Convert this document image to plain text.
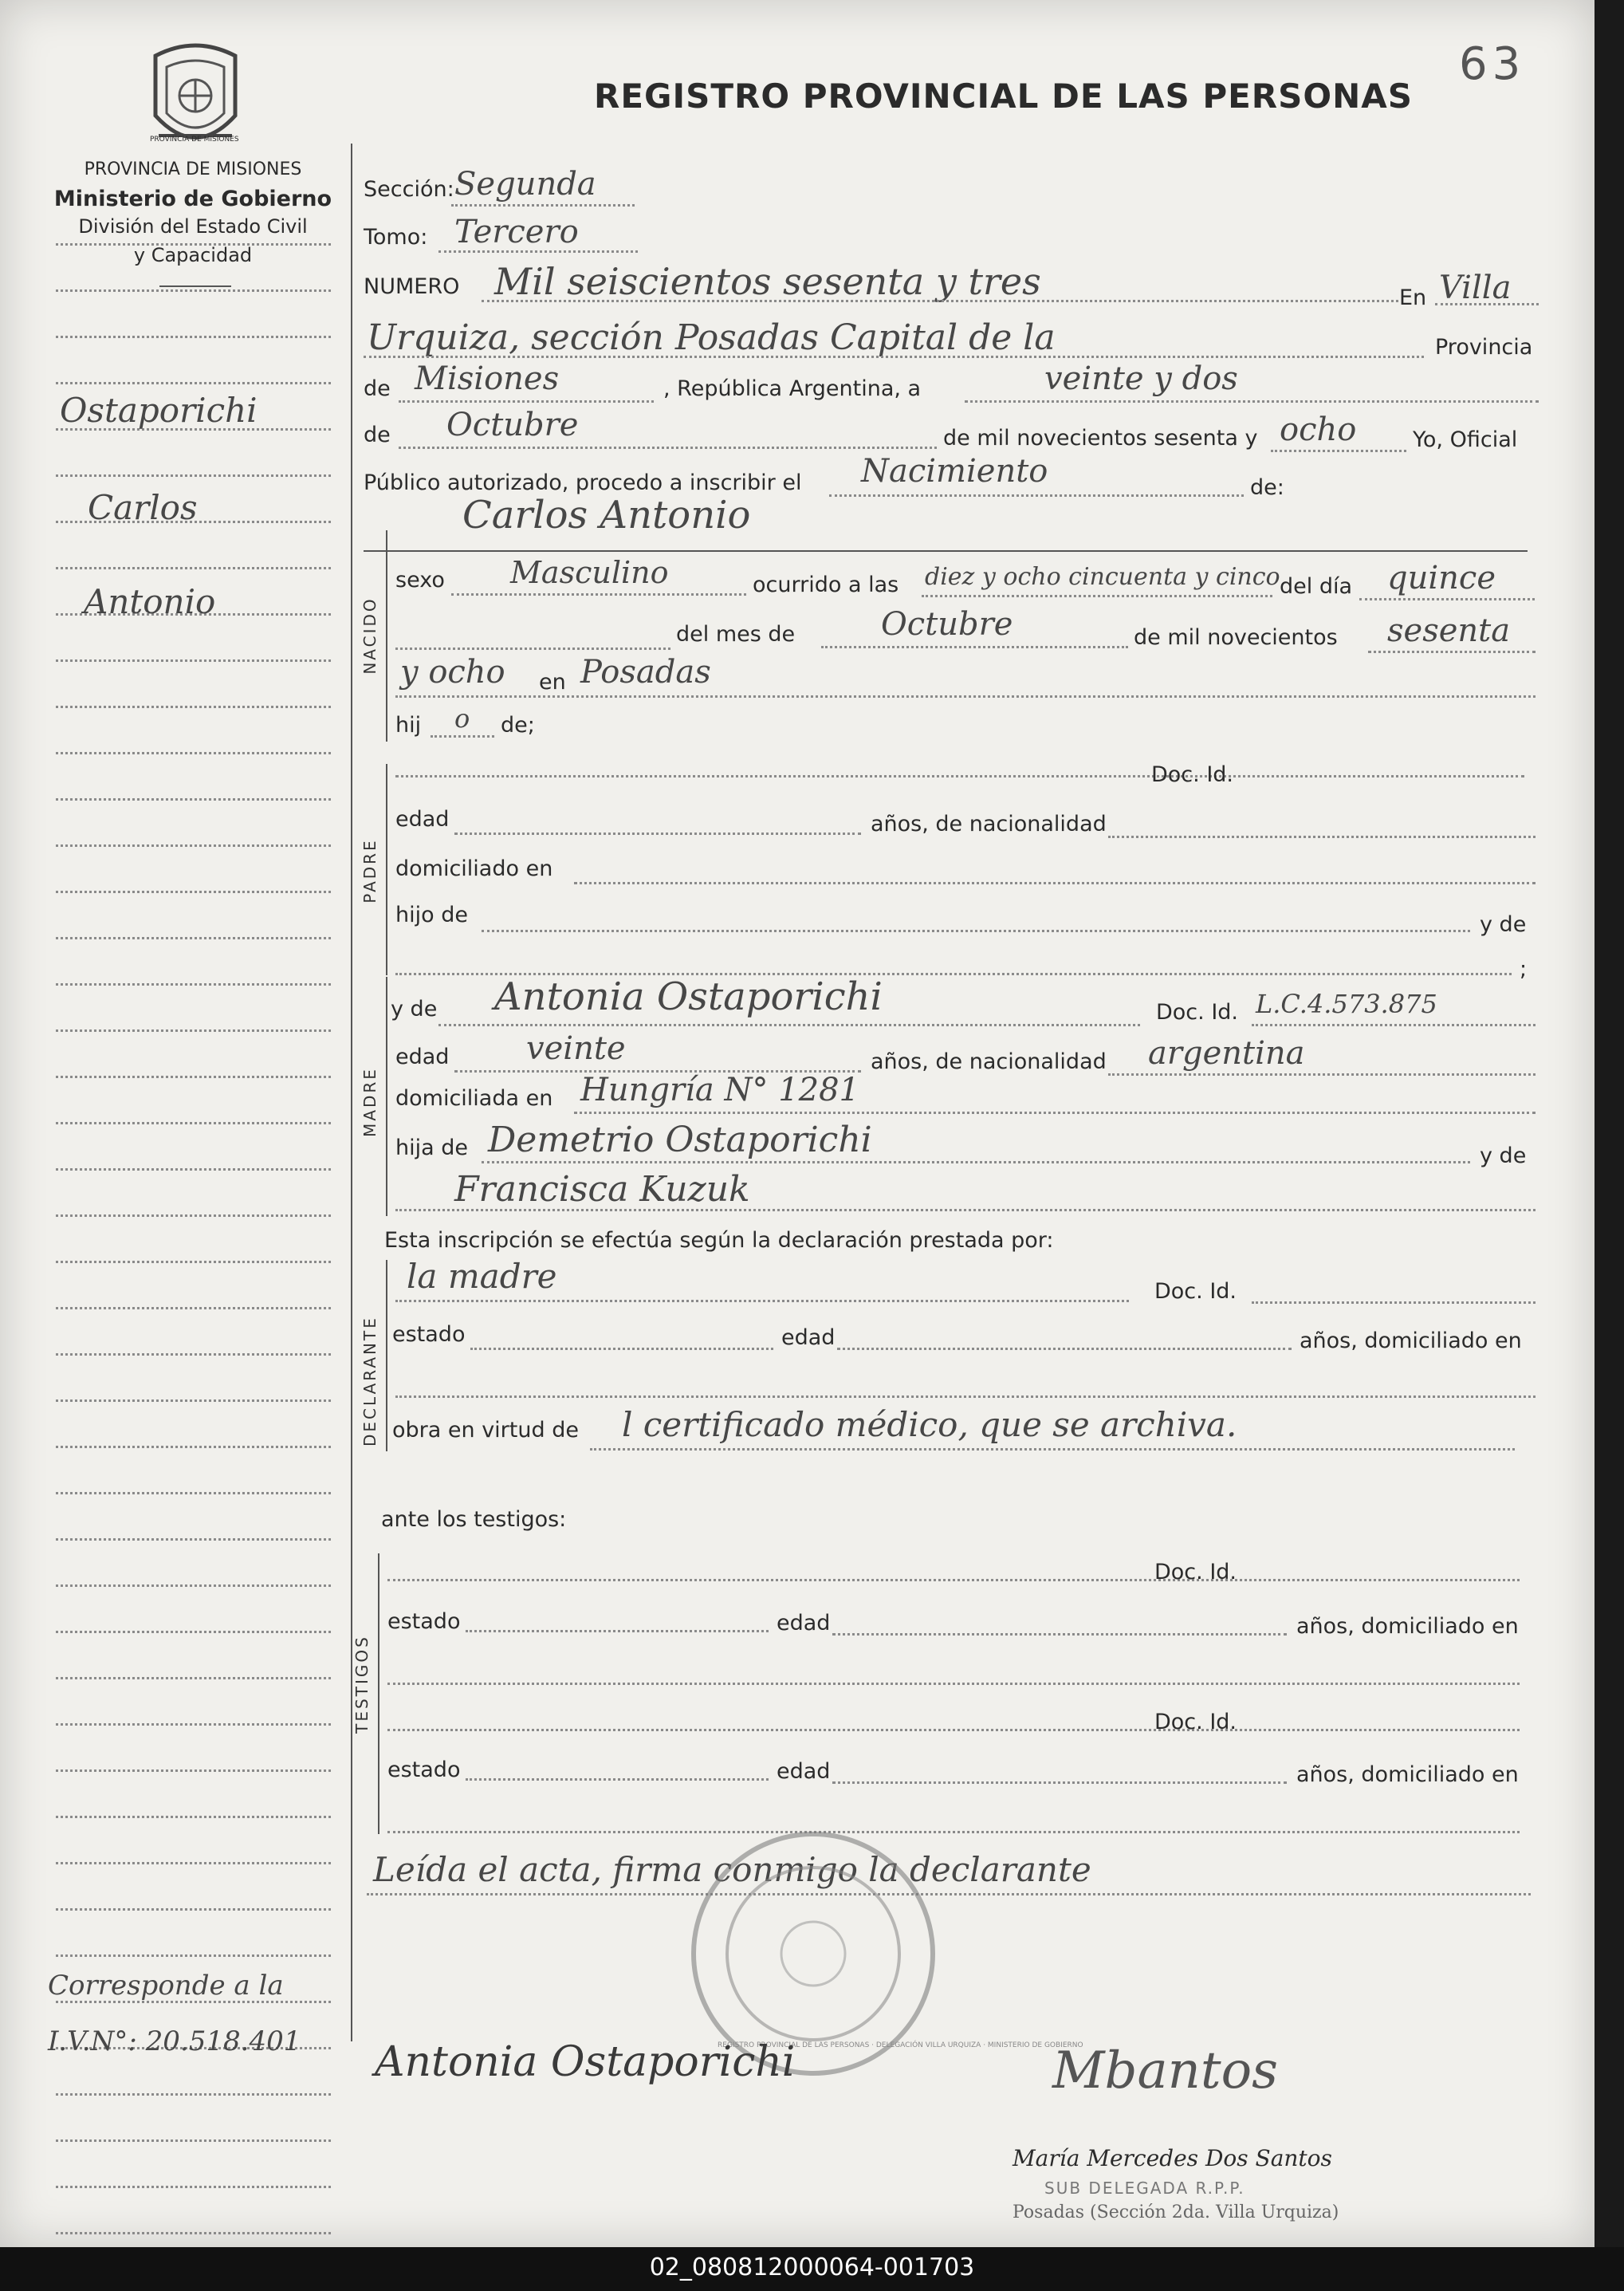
PROVINCIA DE MISIONES
PROVINCIA DE MISIONES
Ministerio de Gobierno
División del Estado Civil
y Capacidad
REGISTRO PROVINCIAL DE LAS PERSONAS
63
Ostaporichi
Carlos
Antonio
Corresponde a la
I.V.N°: 20.518.401
Sección: Segunda
Tomo: Tercero
NUMERO Mil seiscientos sesenta y tres	En Villa
Urquiza, sección Posadas Capital de la	Provincia
de Misiones	, República Argentina, a	veinte y dos
de Octubre	de mil novecientos sesenta y ocho	Yo, Oficial
Público autorizado, procedo a inscribir el Nacimiento	de:
Carlos Antonio
NACIDO
sexo Masculino	ocurrido a las diez y ocho cincuenta y cinco del día quince
del mes de	Octubre	de mil novecientos sesenta
y ocho en Posadas
hij o de;
PADRE
Doc. Id.
edad	años, de nacionalidad
domiciliado en
hijo de	y de
;
MADRE
y de Antonia Ostaporichi	Doc. Id. L.C.4.573.875
edad veinte	años, de nacionalidad argentina
domiciliada en Hungría N° 1281
hija de Demetrio Ostaporichi	y de
Francisca Kuzuk
Esta inscripción se efectúa según la declaración prestada por:
DECLARANTE
la madre	Doc. Id.
estado	edad	años, domiciliado en
obra en virtud de l certificado médico, que se archiva.
ante los testigos:
TESTIGOS
Doc. Id.
estado	edad	años, domiciliado en
Doc. Id.
estado	edad	años, domiciliado en
Leída el acta, firma conmigo la declarante
REGISTRO PROVINCIAL DE LAS PERSONAS · DELEGACIÓN VILLA URQUIZA · MINISTERIO DE GOBIERNO
Antonia Ostaporichi	Mbantos
María Mercedes Dos Santos
SUB DELEGADA R.P.P.
Posadas (Sección 2da. Villa Urquiza)
02_080812000064-001703
